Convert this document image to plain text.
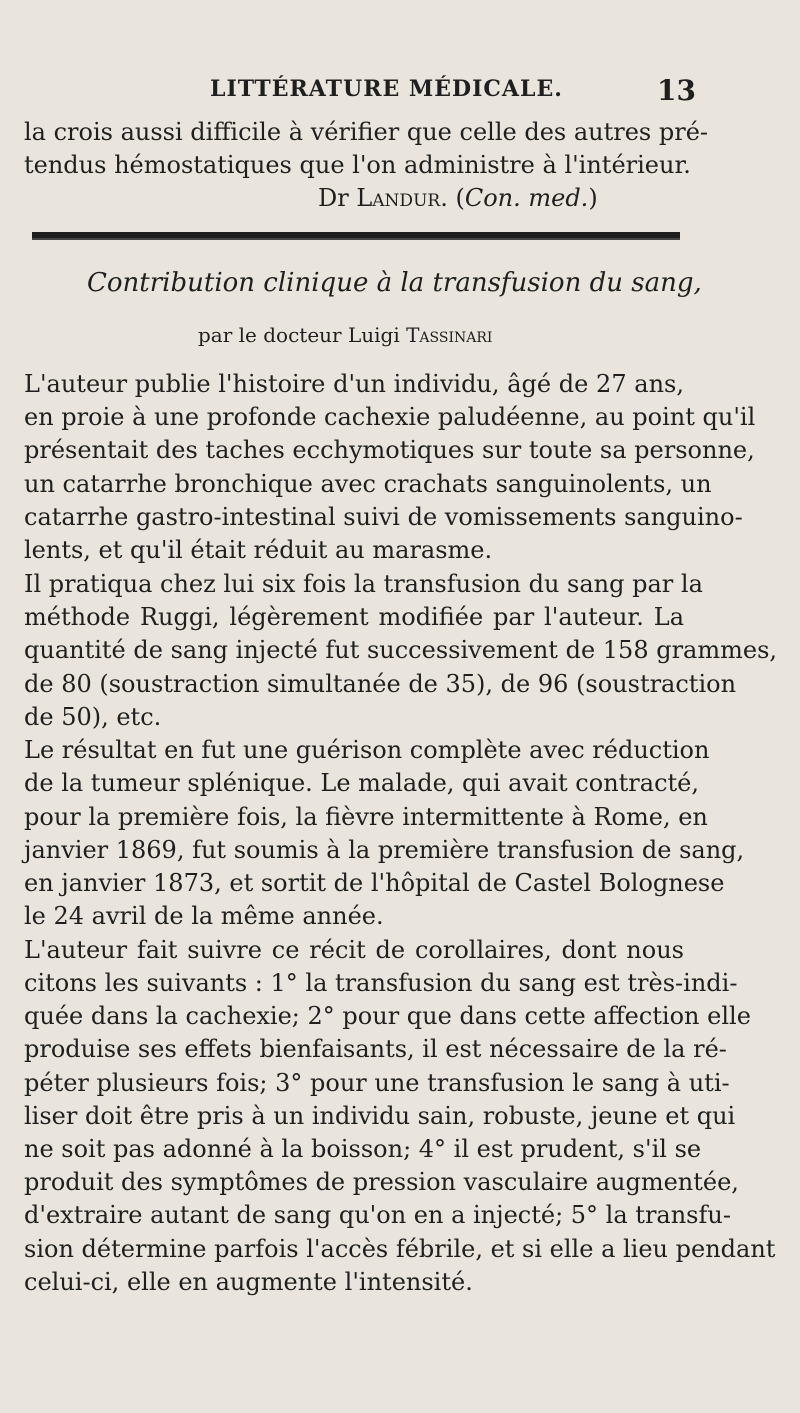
LITTÉRATURE MÉDICALE.	13
la crois aussi difficile à vérifier que celle des autres pré-
tendus hémostatiques que l'on administre à l'intérieur.
Dr Landur. (Con. med.)
Contribution clinique à la transfusion du sang,
par le docteur Luigi Tassinari
L'auteur publie l'histoire d'un individu, âgé de 27 ans,
en proie à une profonde cachexie paludéenne, au point qu'il
présentait des taches ecchymotiques sur toute sa personne,
un catarrhe bronchique avec crachats sanguinolents, un
catarrhe gastro-intestinal suivi de vomissements sanguino-
lents, et qu'il était réduit au marasme.
Il pratiqua chez lui six fois la transfusion du sang par la
méthode Ruggi, légèrement modifiée par l'auteur. La
quantité de sang injecté fut successivement de 158 grammes,
de 80 (soustraction simultanée de 35), de 96 (soustraction
de 50), etc.
Le résultat en fut une guérison complète avec réduction
de la tumeur splénique. Le malade, qui avait contracté,
pour la première fois, la fièvre intermittente à Rome, en
janvier 1869, fut soumis à la première transfusion de sang,
en janvier 1873, et sortit de l'hôpital de Castel Bolognese
le 24 avril de la même année.
L'auteur fait suivre ce récit de corollaires, dont nous
citons les suivants : 1° la transfusion du sang est très-indi-
quée dans la cachexie; 2° pour que dans cette affection elle
produise ses effets bienfaisants, il est nécessaire de la ré-
péter plusieurs fois; 3° pour une transfusion le sang à uti-
liser doit être pris à un individu sain, robuste, jeune et qui
ne soit pas adonné à la boisson; 4° il est prudent, s'il se
produit des symptômes de pression vasculaire augmentée,
d'extraire autant de sang qu'on en a injecté; 5° la transfu-
sion détermine parfois l'accès fébrile, et si elle a lieu pendant
celui-ci, elle en augmente l'intensité.
